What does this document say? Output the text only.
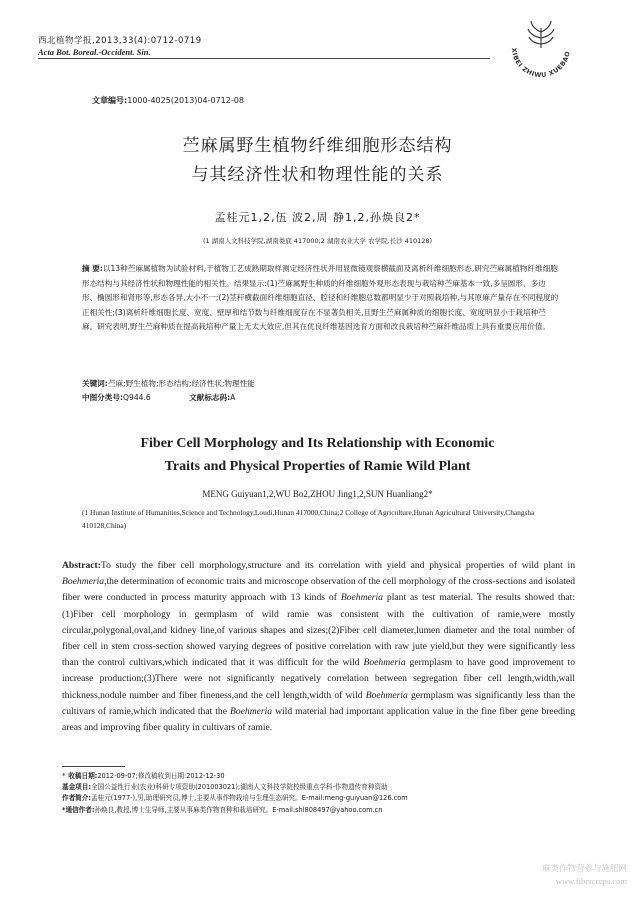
西北植物学报,2013,33(4):0712-0719
Acta Bot. Boreal.-Occident. Sin.	XIBEI ZHIWU XUEBAO
文章编号:1000-4025(2013)04-0712-08
苎麻属野生植物纤维细胞形态结构
与其经济性状和物理性能的关系
孟桂元1,2,伍 波2,周 静1,2,孙焕良2*
(1 湖南人文科技学院,湖南娄底 417000;2 湖南农业大学 农学院,长沙 410128)
摘 要:以13种苎麻属植物为试验材料,于植物工艺成熟期取样测定经济性状并用显微镜观察横截面及离析纤维细胞形态,研究苎麻属植物纤维细胞形态结构与其经济性状和物理性能的相关性。结果显示:(1)苎麻属野生种质的纤维细胞外观形态表现与栽培种苎麻基本一致,多呈圆形、多边形、椭圆形和肾形等,形态各异,大小不一;(2)茎秆横截面纤维细胞直径、腔径和纤维胞总数都明显少于对照栽培种,与其原麻产量存在不同程度的正相关性;(3)离析纤维细胞长度、宽度、壁厚和结节数与纤维细度存在不显著负相关,且野生苎麻属种质的细胞长度、宽度明显小于栽培种苎麻。研究表明,野生苎麻种质在提高栽培种产量上无太大效应,但其在优良纤维基因选育方面和改良栽培种苎麻纤维品质上具有重要应用价值。
关键词:苎麻;野生植物;形态结构;经济性状;物理性能
中图分类号:Q944.6	文献标志码:A
Fiber Cell Morphology and Its Relationship with Economic
Traits and Physical Properties of Ramie Wild Plant
MENG Guiyuan1,2,WU Bo2,ZHOU Jing1,2,SUN Huanliang2*
(1 Hunan Institute of Humanities,Science and Technology,Loudi,Hunan 417000,China;2 College of Agriculture,Hunan Agricultural University,Changsha 410128,China)
Abstract:To study the fiber cell morphology,structure and its correlation with yield and physical properties of wild plant in Boehmeria,the determination of economic traits and microscope observation of the cell morphology of the cross-sections and isolated fiber were conducted in process maturity approach with 13 kinds of Boehmeria plant as test material. The results showed that:(1)Fiber cell morphology in germplasm of wild ramie was consistent with the cultivation of ramie,were mostly circular,polygonal,oval,and kidney line,of various shapes and sizes;(2)Fiber cell diameter,lumen diameter and the total number of fiber cell in stem cross-section showed varying degrees of positive correlation with raw jute yield,but they were significantly less than the control cultivars,which indicated that it was difficult for the wild Boehmeria germplasm to have good improvement to increase production;(3)There were not significantly negatively correlation between segregation fiber cell length,width,wall thickness,nodule number and fiber fineness,and the cell length,width of wild Boehmeria germplasm was significantly less than the cultivars of ramie,which indicated that the Boehmeria wild material had important application value in the fine fiber gene breeding areas and improving fiber quality in cultivars of ramie.
* 收稿日期:2012-09-07;修改稿收到日期:2012-12-30
基金项目:全国公益性行业(农业)科研专项资助(201003021);湖南人文科技学院校级重点学科-作物遗传育种资助
作者简介:孟桂元(1977-),男,助理研究员,博士,主要从事作物栽培与生理生态研究。E-mail:meng-guiyuan@126.com
*通信作者:孙焕良,教授,博士生导师,主要从事麻类作物育种和栽培研究。E-mail:shl808497@yahoo.com.cn
麻类作物营养与施肥网
www.fibercrops.com
